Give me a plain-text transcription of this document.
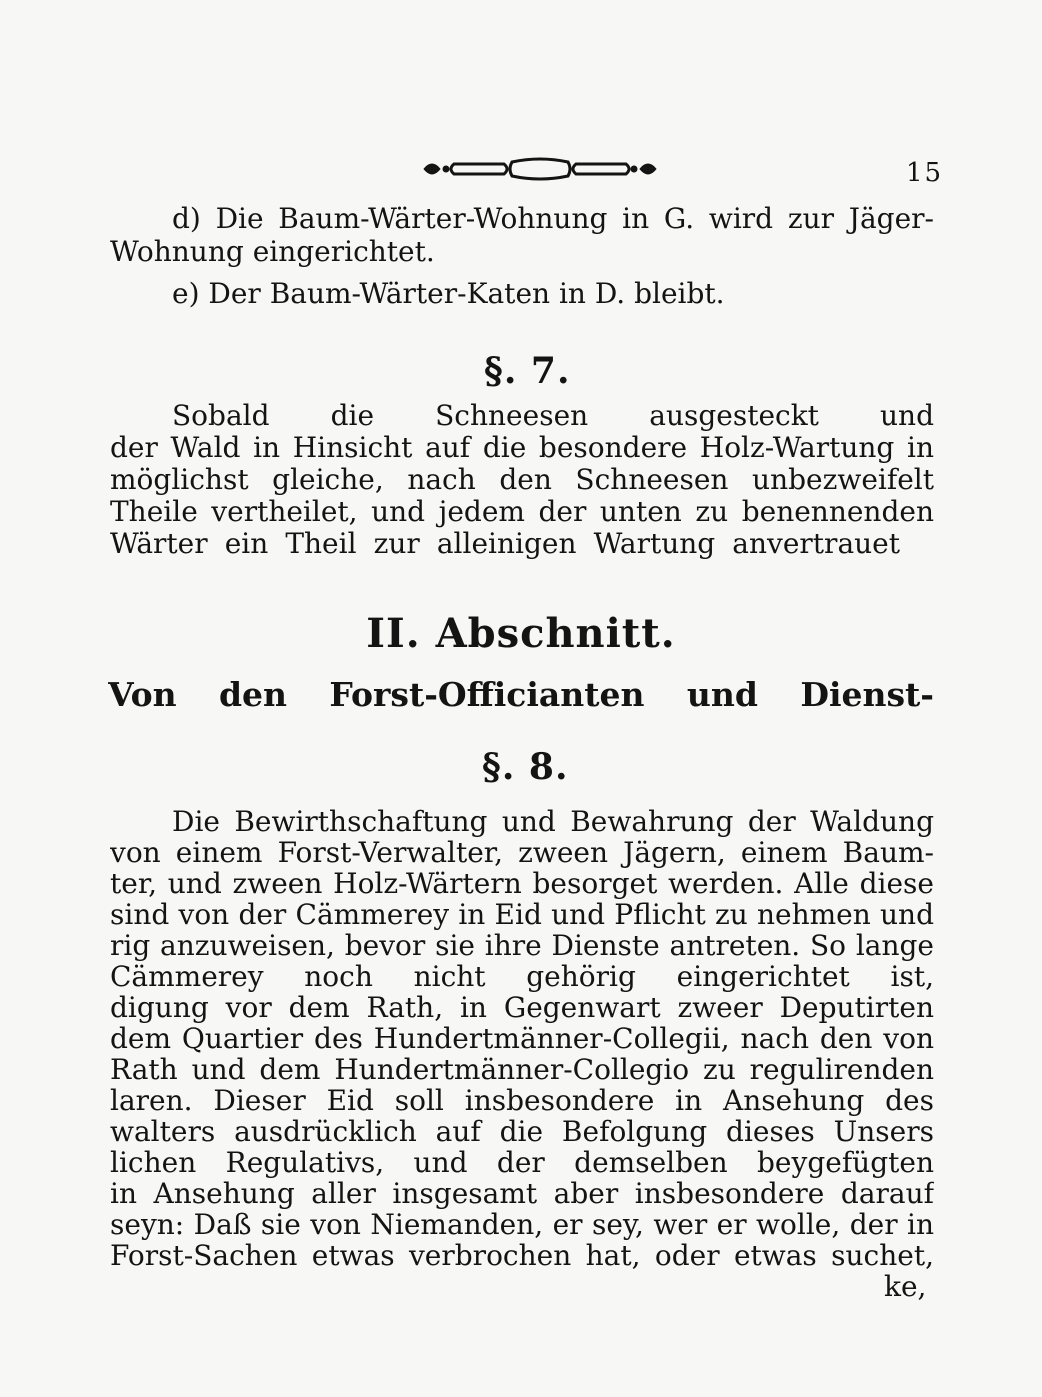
15
d) Die Baum-Wärter-Wohnung in G. wird zur Jäger-
Wohnung eingerichtet.
e) Der Baum-Wärter-Katen in D. bleibt.
§. 7.
Sobald die Schneesen ausgesteckt und
der Wald in Hinsicht auf die besondere Holz-Wartung in
möglichst gleiche, nach den Schneesen unbezweifelt
Theile vertheilet, und jedem der unten zu benennenden
Wärter ein Theil zur alleinigen Wartung anvertrauet
II. Abschnitt.
Von den Forst-Officianten und Dienst-
§. 8.
Die Bewirthschaftung und Bewahrung der Waldung
von einem Forst-Verwalter, zween Jägern, einem Baum-
ter, und zween Holz-Wärtern besorget werden. Alle diese
sind von der Cämmerey in Eid und Pflicht zu nehmen und
rig anzuweisen, bevor sie ihre Dienste antreten. So lange
Cämmerey noch nicht gehörig eingerichtet ist,
digung vor dem Rath, in Gegenwart zweer Deputirten
dem Quartier des Hundertmänner-Collegii, nach den von
Rath und dem Hundertmänner-Collegio zu regulirenden
laren. Dieser Eid soll insbesondere in Ansehung des
walters ausdrücklich auf die Befolgung dieses Unsers
lichen Regulativs, und der demselben beygefügten
in Ansehung aller insgesamt aber insbesondere darauf
seyn: Daß sie von Niemanden, er sey, wer er wolle, der in
Forst-Sachen etwas verbrochen hat, oder etwas suchet,
ke,
